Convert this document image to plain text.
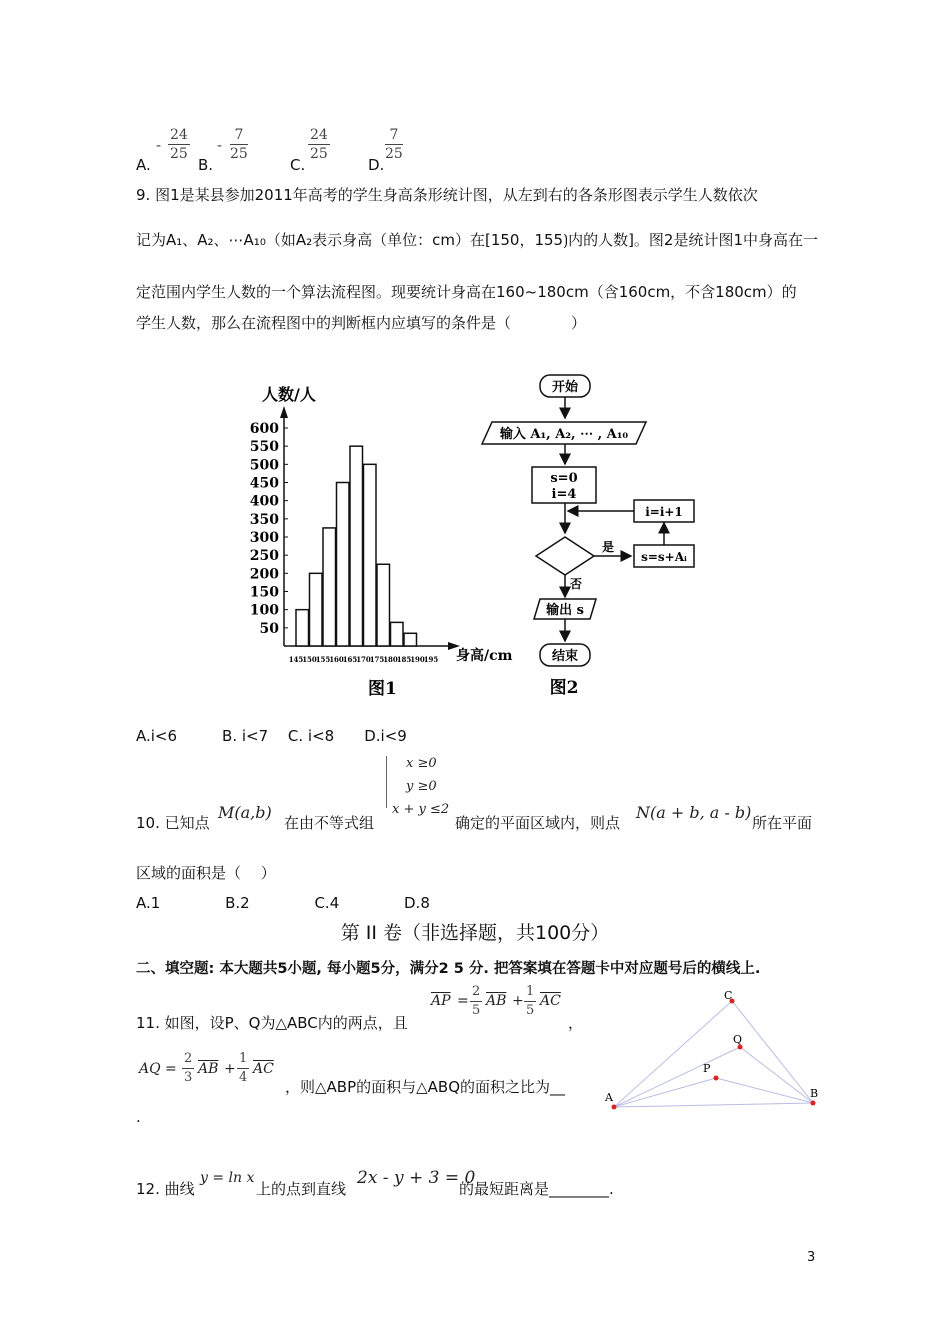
A.
- $\frac{24}{25}$
B.
- $\frac{7}{25}$
C.
$\frac{24}{25}$
D.
$\frac{7}{25}$
9. 图1是某县参加2011年高考的学生身高条形统计图，从左到右的各条形图表示学生人数依次
记为A₁、A₂、⋯A₁₀（如A₂表示身高（单位：cm）在[150，155⟯内的人数]。图2是统计图1中身高在一
定范围内学生人数的一个算法流程图。现要统计身高在160~180cm（含160cm，不含180cm）的
学生人数，那么在流程图中的判断框内应填写的条件是（　　　　）
人数/人
600
550
500
450
400
350
300
250
200
150
100
50
145
150
155
160
165
170
175
180
185
190
195 身高/cm
图1
开始
输入 A₁, A₂, ⋯ , A₁₀
s=0
i=4
是
s=s+Aᵢ
i=i+1
否
输出 s
结束
图2
A.i<6　　　B. i<7　 C. i<8　　D.i<9
x ≥0
y ≥0
x + y ≤2
10. 已知点
M(a,b)
在由不等式组	确定的平面区域内，则点
N(a + b, a - b)
所在平面
区域的面积是（　 ）
A.1　　　　 B.2　　　　 C.4　　　　 D.8
第 II 卷（非选择题，共100分）
二、填空题: 本大题共5小题, 每小题5分，满分2 5 分. 把答案填在答题卡中对应题号后的横线上.
$\overline{AP} = \frac{2}{5} \overline{AB} + \frac{1}{5} \overline{AC}$
，
11. 如图，设P、Q为△ABC内的两点，且
AQ = $\frac{2}{3} \overline{AB} + \frac{1}{4} \overline{AC}$
，则△ABP的面积与△ABQ的面积之比为__
.
A	B
C
Q
P
12. 曲线
y = ln x
上的点到直线
2x - y + 3 = 0
的最短距离是________.
3
